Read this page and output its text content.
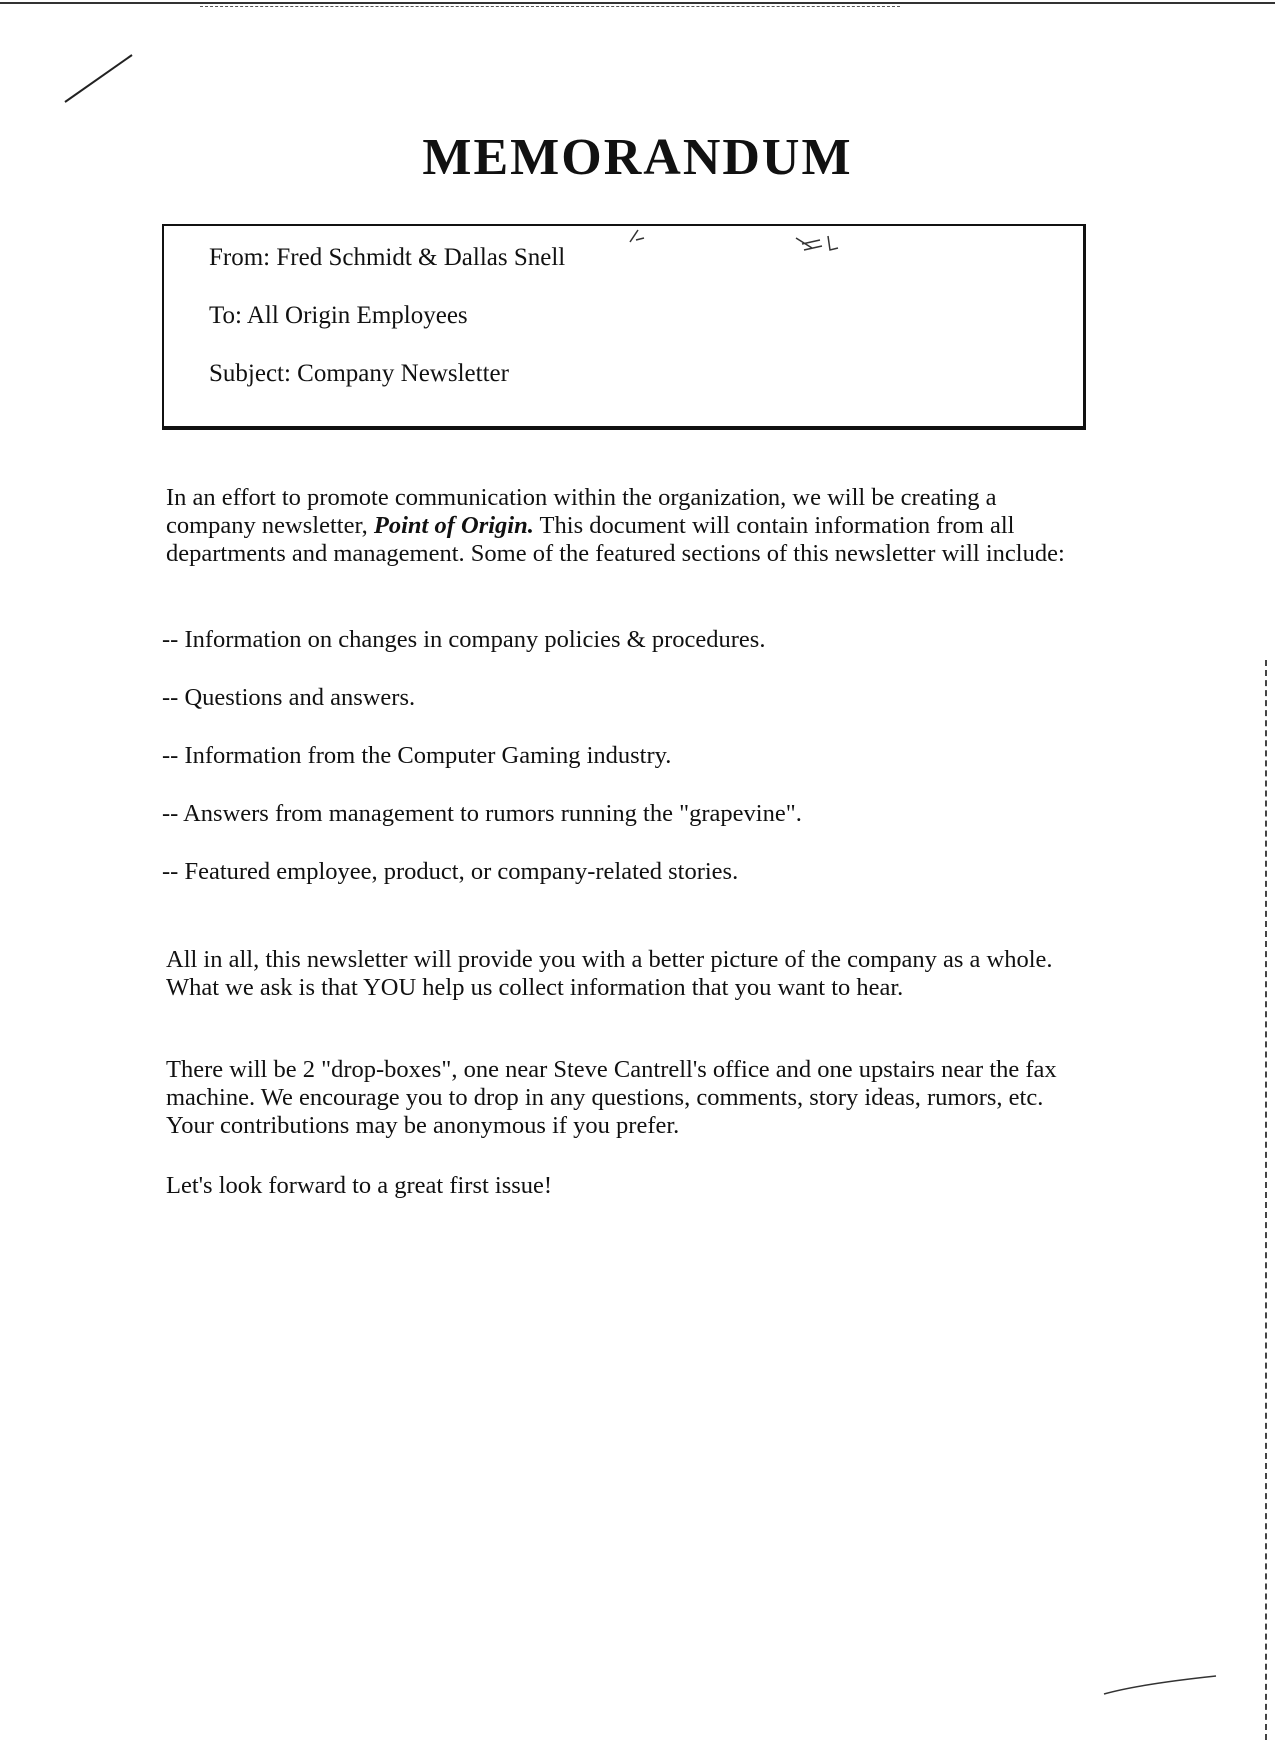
MEMORANDUM
From: Fred Schmidt & Dallas Snell
To: All Origin Employees
Subject: Company Newsletter
In an effort to promote communication within the organization, we will be creating a company newsletter, Point of Origin. This document will contain information from all departments and management. Some of the featured sections of this newsletter will include:
-- Information on changes in company policies & procedures.
-- Questions and answers.
-- Information from the Computer Gaming industry.
-- Answers from management to rumors running the "grapevine".
-- Featured employee, product, or company-related stories.
All in all, this newsletter will provide you with a better picture of the company as a whole. What we ask is that YOU help us collect information that you want to hear.
There will be 2 "drop-boxes", one near Steve Cantrell's office and one upstairs near the fax machine. We encourage you to drop in any questions, comments, story ideas, rumors, etc. Your contributions may be anonymous if you prefer.
Let's look forward to a great first issue!
